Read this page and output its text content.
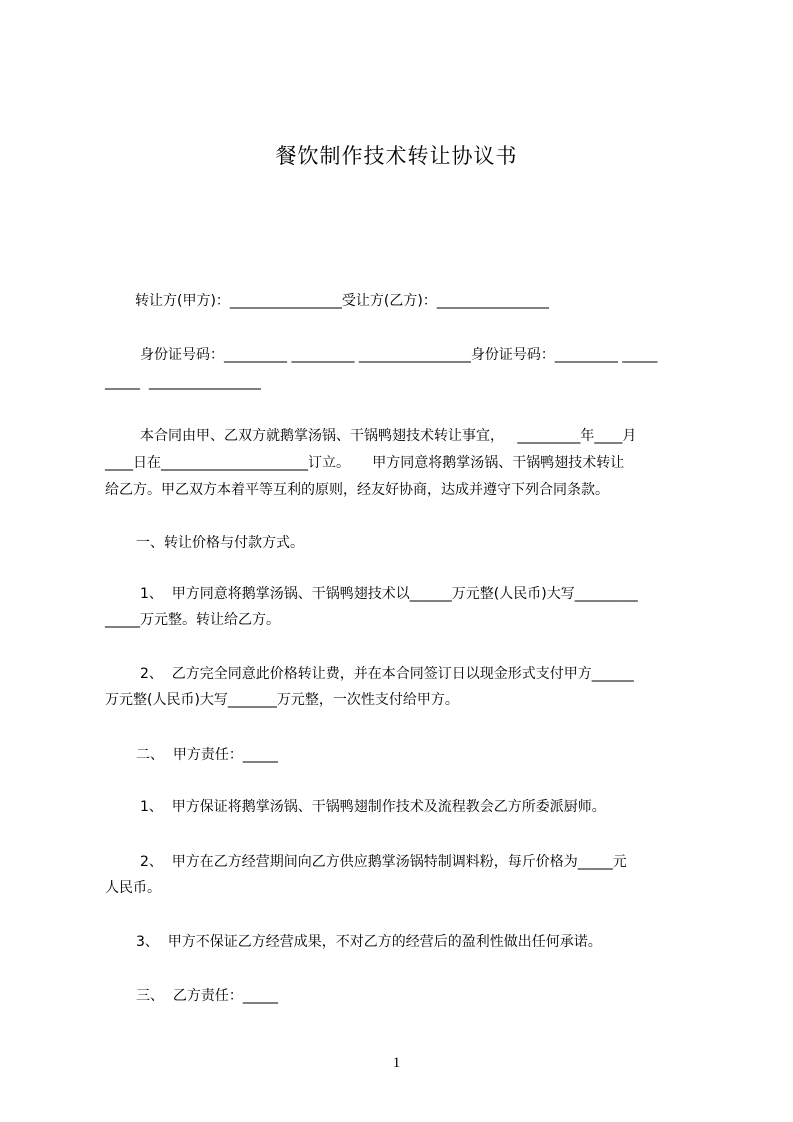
餐饮制作技术转让协议书
转让方(甲方)：________________受让方(乙方)：________________
身份证号码：_________ _________ ________________身份证号码：_________ _____
_____  ________________
本合同由甲、乙双方就鹅掌汤锅、干锅鸭翅技术转让事宜，   _________年____月
____日在_____________________订立。     甲方同意将鹅掌汤锅、干锅鸭翅技术转让
给乙方。甲乙双方本着平等互利的原则，经友好协商，达成并遵守下列合同条款。
一、转让价格与付款方式。
1、  甲方同意将鹅掌汤锅、干锅鸭翅技术以______万元整(人民币)大写_________
_____万元整。转让给乙方。
2、  乙方完全同意此价格转让费，并在本合同签订日以现金形式支付甲方______
万元整(人民币)大写_______万元整，一次性支付给甲方。
二、  甲方责任：_____
1、  甲方保证将鹅掌汤锅、干锅鸭翅制作技术及流程教会乙方所委派厨师。
2、  甲方在乙方经营期间向乙方供应鹅掌汤锅特制调料粉，每斤价格为_____元
人民币。
3、  甲方不保证乙方经营成果，不对乙方的经营后的盈利性做出任何承诺。
三、  乙方责任：_____
1
